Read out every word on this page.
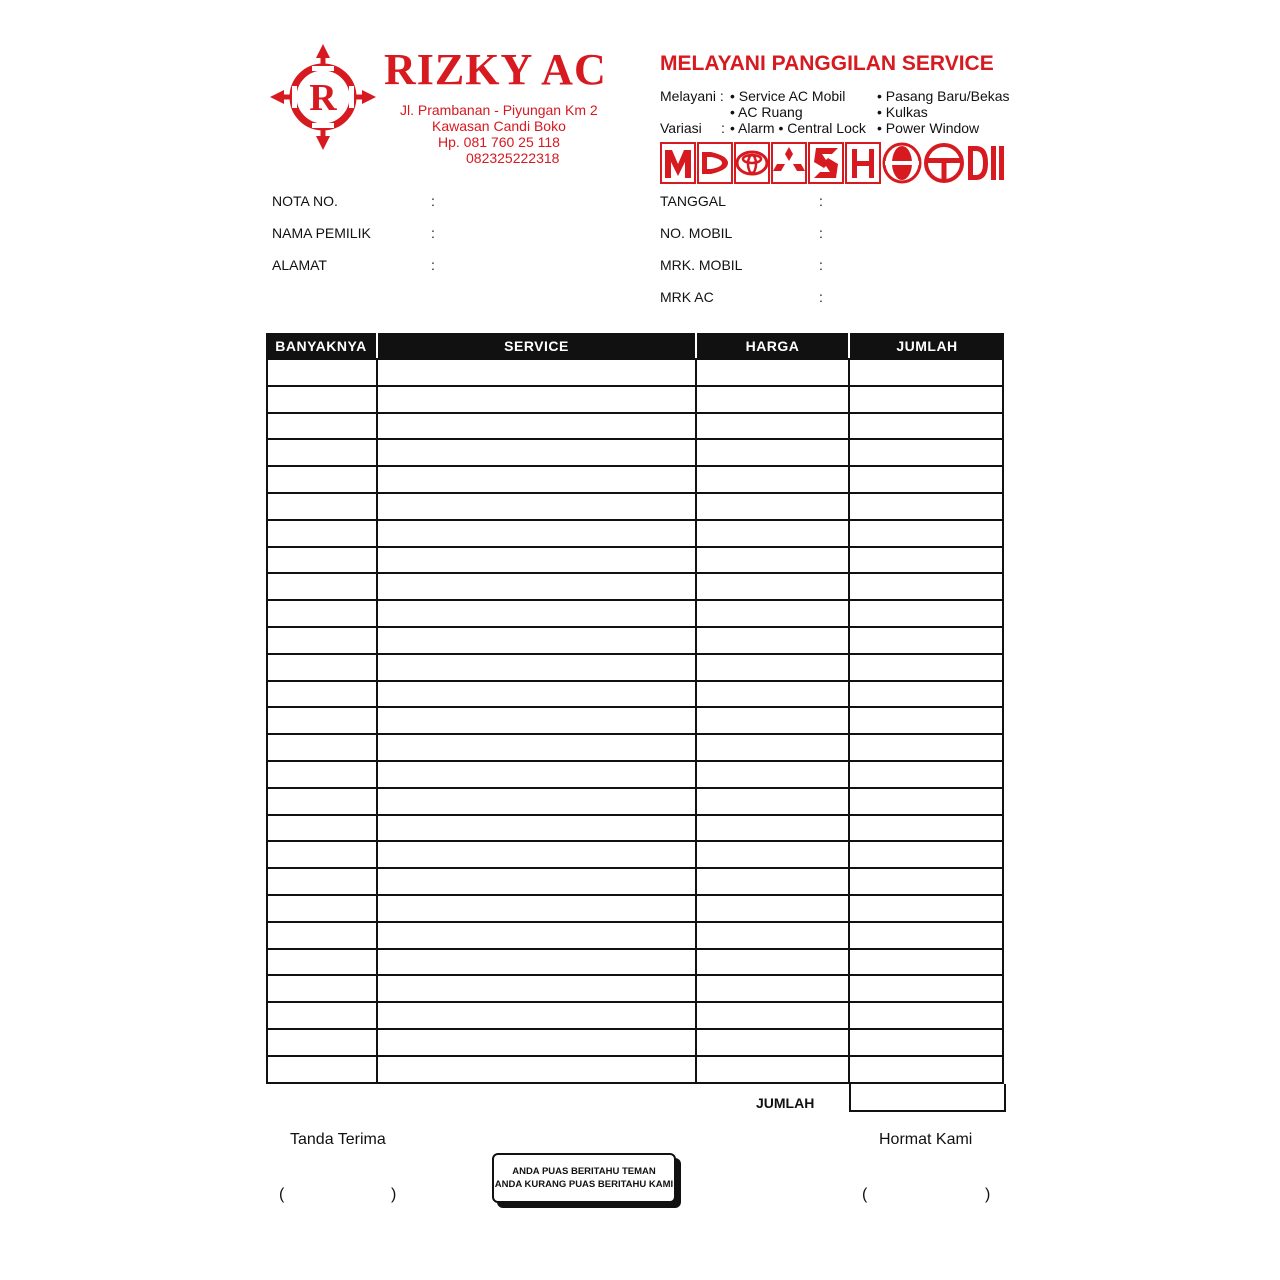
R
RIZKY AC
Jl. Prambanan - Piyungan Km 2
Kawasan Candi Boko
Hp. 081 760 25 118
082325222318
MELAYANI PANGGILAN SERVICE
Melayani : • Service AC Mobil
• AC Ruang
• Pasang Baru/Bekas
• Kulkas
Variasi : • Alarm • Central Lock • Power Window
NOTA NO.	:
NAMA PEMILIK	:
ALAMAT	:
TANGGAL	:
NO. MOBIL	:
MRK. MOBIL	:
MRK AC	:
BANYAKNYA	SERVICE	HARGA	JUMLAH
JUMLAH
Tanda Terima
(	)
ANDA PUAS BERITAHU TEMAN
ANDA KURANG PUAS BERITAHU KAMI
Hormat Kami
(	)
